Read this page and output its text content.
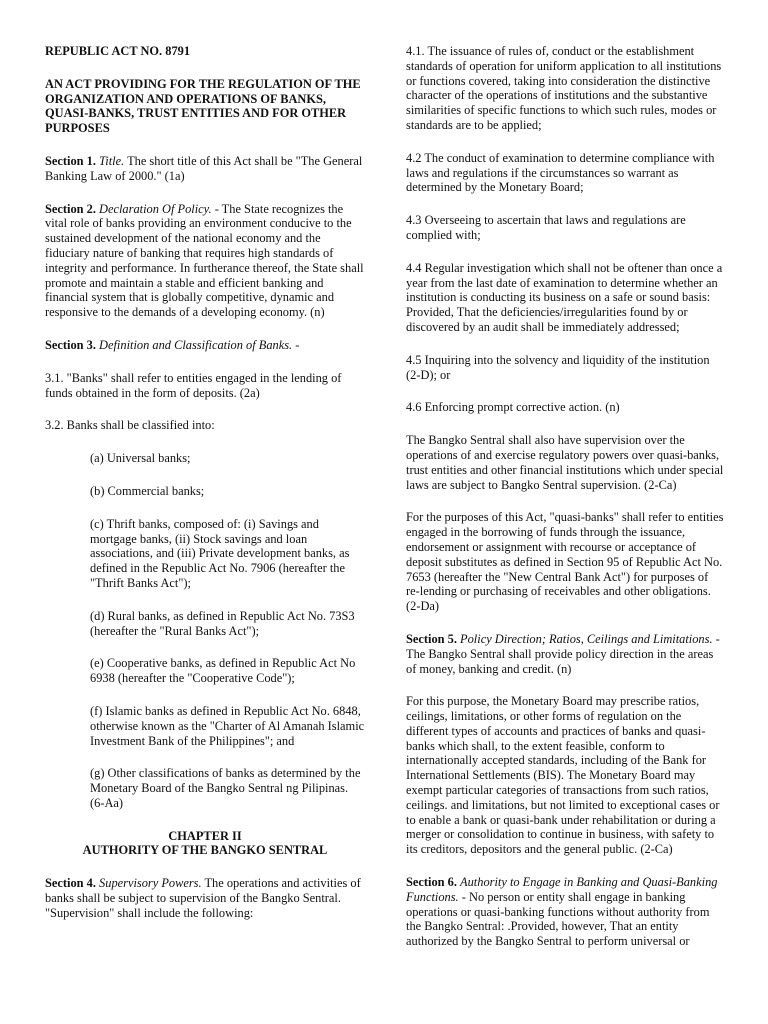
REPUBLIC ACT NO. 8791

AN ACT PROVIDING FOR THE REGULATION OF THE ORGANIZATION AND OPERATIONS OF BANKS, QUASI-BANKS, TRUST ENTITIES AND FOR OTHER PURPOSES

Section 1. Title. The short title of this Act shall be "The General Banking Law of 2000." (1a)

Section 2. Declaration Of Policy. - The State recognizes the vital role of banks providing an environment conducive to the sustained development of the national economy and the fiduciary nature of banking that requires high standards of integrity and performance. In furtherance thereof, the State shall promote and maintain a stable and efficient banking and financial system that is globally competitive, dynamic and responsive to the demands of a developing economy. (n)

Section 3. Definition and Classification of Banks. -

3.1. "Banks" shall refer to entities engaged in the lending of funds obtained in the form of deposits. (2a)

3.2. Banks shall be classified into:

(a) Universal banks;

(b) Commercial banks;

(c) Thrift banks, composed of: (i) Savings and mortgage banks, (ii) Stock savings and loan associations, and (iii) Private development banks, as defined in the Republic Act No. 7906 (hereafter the "Thrift Banks Act");

(d) Rural banks, as defined in Republic Act No. 73S3 (hereafter the "Rural Banks Act");

(e) Cooperative banks, as defined in Republic Act No 6938 (hereafter the "Cooperative Code");

(f) Islamic banks as defined in Republic Act No. 6848, otherwise known as the "Charter of Al Amanah Islamic Investment Bank of the Philippines"; and

(g) Other classifications of banks as determined by the Monetary Board of the Bangko Sentral ng Pilipinas. (6-Aa)

CHAPTER II
AUTHORITY OF THE BANGKO SENTRAL

Section 4. Supervisory Powers. The operations and activities of banks shall be subject to supervision of the Bangko Sentral. "Supervision" shall include the following:

4.1. The issuance of rules of, conduct or the establishment standards of operation for uniform application to all institutions or functions covered, taking into consideration the distinctive character of the operations of institutions and the substantive similarities of specific functions to which such rules, modes or standards are to be applied;

4.2 The conduct of examination to determine compliance with laws and regulations if the circumstances so warrant as determined by the Monetary Board;

4.3 Overseeing to ascertain that laws and regulations are complied with;

4.4 Regular investigation which shall not be oftener than once a year from the last date of examination to determine whether an institution is conducting its business on a safe or sound basis: Provided, That the deficiencies/irregularities found by or discovered by an audit shall be immediately addressed;

4.5 Inquiring into the solvency and liquidity of the institution (2-D); or

4.6 Enforcing prompt corrective action. (n)

The Bangko Sentral shall also have supervision over the operations of and exercise regulatory powers over quasi-banks, trust entities and other financial institutions which under special laws are subject to Bangko Sentral supervision. (2-Ca)

For the purposes of this Act, "quasi-banks" shall refer to entities engaged in the borrowing of funds through the issuance, endorsement or assignment with recourse or acceptance of deposit substitutes as defined in Section 95 of Republic Act No. 7653 (hereafter the "New Central Bank Act") for purposes of re-lending or purchasing of receivables and other obligations. (2-Da)

Section 5. Policy Direction; Ratios, Ceilings and Limitations. - The Bangko Sentral shall provide policy direction in the areas of money, banking and credit. (n)

For this purpose, the Monetary Board may prescribe ratios, ceilings, limitations, or other forms of regulation on the different types of accounts and practices of banks and quasi-banks which shall, to the extent feasible, conform to internationally accepted standards, including of the Bank for International Settlements (BIS). The Monetary Board may exempt particular categories of transactions from such ratios, ceilings. and limitations, but not limited to exceptional cases or to enable a bank or quasi-bank under rehabilitation or during a merger or consolidation to continue in business, with safety to its creditors, depositors and the general public. (2-Ca)

Section 6. Authority to Engage in Banking and Quasi-Banking Functions. - No person or entity shall engage in banking operations or quasi-banking functions without authority from the Bangko Sentral: .Provided, however, That an entity authorized by the Bangko Sentral to perform universal or
